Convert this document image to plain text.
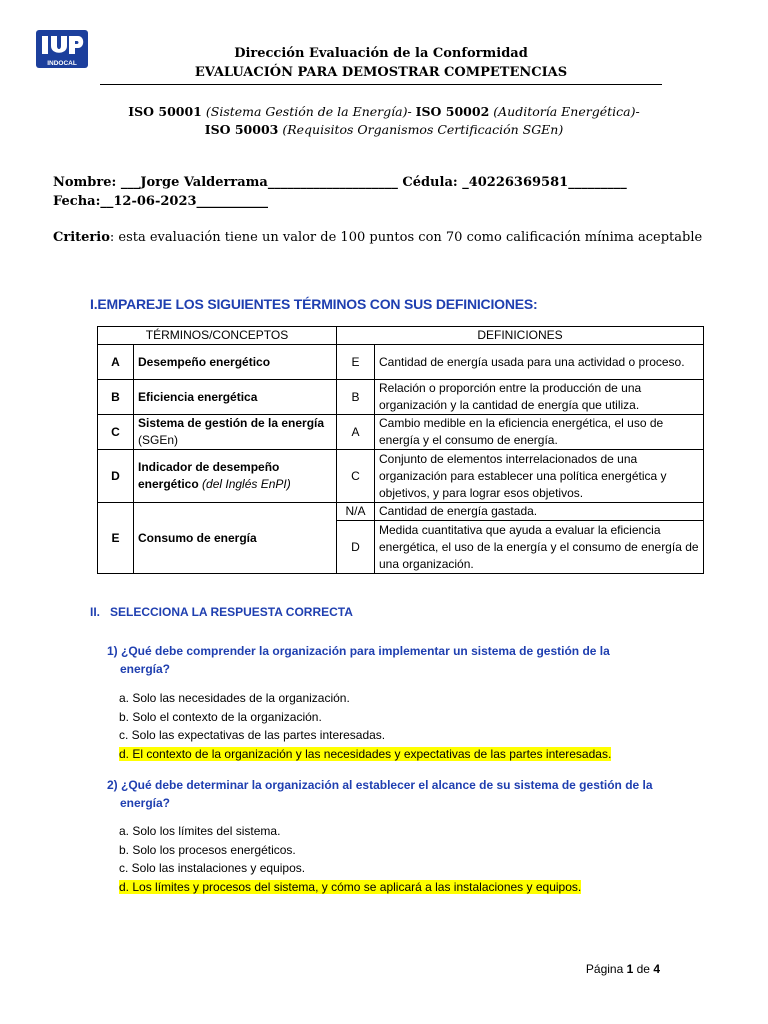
INDOCAL
Dirección Evaluación de la Conformidad
EVALUACIÓN PARA DEMOSTRAR COMPETENCIAS
ISO 50001 (Sistema Gestión de la Energía)- ISO 50002 (Auditoría Energética)-
ISO 50003 (Requisitos Organismos Certificación SGEn)
Nombre: ___Jorge Valderrama____________________ Cédula: _40226369581_________
Fecha:__12-06-2023___________
Criterio: esta evaluación tiene un valor de 100 puntos con 70 como calificación mínima aceptable
I.EMPAREJE LOS SIGUIENTES TÉRMINOS CON SUS DEFINICIONES:
TÉRMINOS/CONCEPTOS		DEFINICIONES	
A	Desempeño energético	E	Cantidad de energía usada para una actividad o proceso.
B	Eficiencia energética	B	Relación o proporción entre la producción de una organización y la cantidad de energía que utiliza.
C	Sistema de gestión de la energía
(SGEn)	A	Cambio medible en la eficiencia energética, el uso de energía y el consumo de energía.
D	Indicador de desempeño energético (del Inglés EnPI)	C	Conjunto de elementos interrelacionados de una organización para establecer una política energética y objetivos, y para lograr esos objetivos.
E	Consumo de energía	N/A	Cantidad de energía gastada.
		D	Medida cuantitativa que ayuda a evaluar la eficiencia energética, el uso de la energía y el consumo de energía de una organización.
II.   SELECCIONA LA RESPUESTA CORRECTA
1) ¿Qué debe comprender la organización para implementar un sistema de gestión de la
energía?
a. Solo las necesidades de la organización.
b. Solo el contexto de la organización.
c. Solo las expectativas de las partes interesadas.
d. El contexto de la organización y las necesidades y expectativas de las partes interesadas.
2) ¿Qué debe determinar la organización al establecer el alcance de su sistema de gestión de la
energía?
a. Solo los límites del sistema.
b. Solo los procesos energéticos.
c. Solo las instalaciones y equipos.
d. Los límites y procesos del sistema, y cómo se aplicará a las instalaciones y equipos.
Página 1 de 4
